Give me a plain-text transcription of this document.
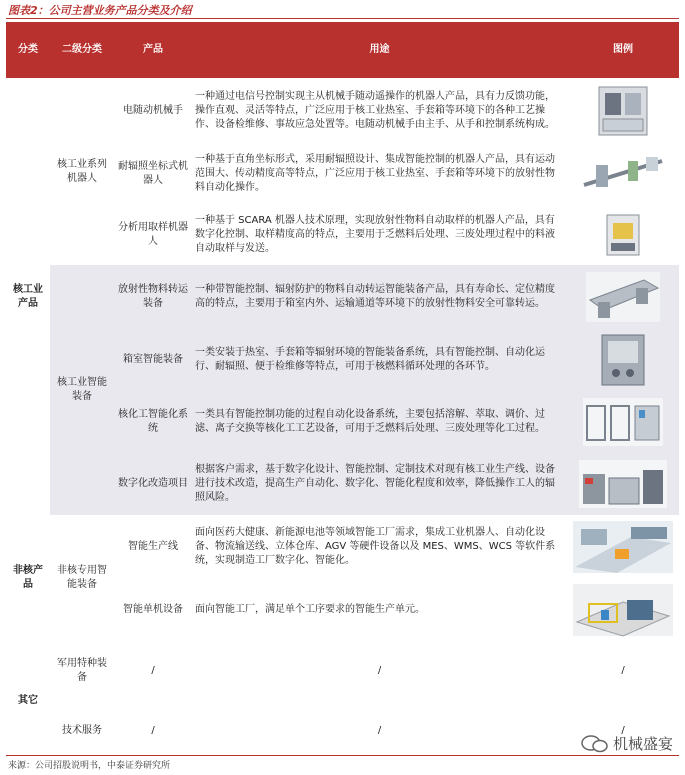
图表2：公司主营业务产品分类及介绍
分类	二级分类	产品	用途	图例
核工业产品	核工业系列机器人	电随动机械手	一种通过电信号控制实现主从机械手随动遥操作的机器人产品，具有力反馈功能，操作直观、灵活等特点，广泛应用于核工业热室、手套箱等环境下的各种工艺操作、设备检维修、事故应急处置等。电随动机械手由主手、从手和控制系统构成。	
		耐辐照坐标式机器人	一种基于直角坐标形式，采用耐辐照设计、集成智能控制的机器人产品，具有运动范围大、传动精度高等特点，广泛应用于核工业热室、手套箱等环境下的放射性物料自动化操作。	
		分析用取样机器人	一种基于 SCARA 机器人技术原理，实现放射性物料自动取样的机器人产品，具有数字化控制、取样精度高的特点，主要用于乏燃料后处理、三废处理过程中的料液自动取样与发送。	
	核工业智能装备	放射性物料转运装备	一种带智能控制、辐射防护的物料自动转运智能装备产品，具有寿命长、定位精度高的特点，主要用于箱室内外、运输通道等环境下的放射性物料安全可靠转运。	
		箱室智能装备	一类安装于热室、手套箱等辐射环境的智能装备系统，具有智能控制、自动化运行、耐辐照、便于检维修等特点，可用于核燃料循环处理的各环节。	
		核化工智能化系统	一类具有智能控制功能的过程自动化设备系统，主要包括溶解、萃取、调价、过滤、离子交换等核化工工艺设备，可用于乏燃料后处理、三废处理等化工过程。	
		数字化改造项目	根据客户需求，基于数字化设计、智能控制、定制技术对现有核工业生产线、设备进行技术改造，提高生产自动化、数字化、智能化程度和效率，降低操作工人的辐照风险。	
非核产品	非核专用智能装备	智能生产线	面向医药大健康、新能源电池等领域智能工厂需求，集成工业机器人、自动化设备、物流输送线、立体仓库、AGV 等硬件设备以及 MES、WMS、WCS 等软件系统，实现制造工厂数字化、智能化。	
		智能单机设备	面向智能工厂，满足单个工序要求的智能生产单元。	
其它	军用特种装备	/	/	/
	技术服务	/	/	/
机械盛宴
来源：公司招股说明书，中泰证券研究所
